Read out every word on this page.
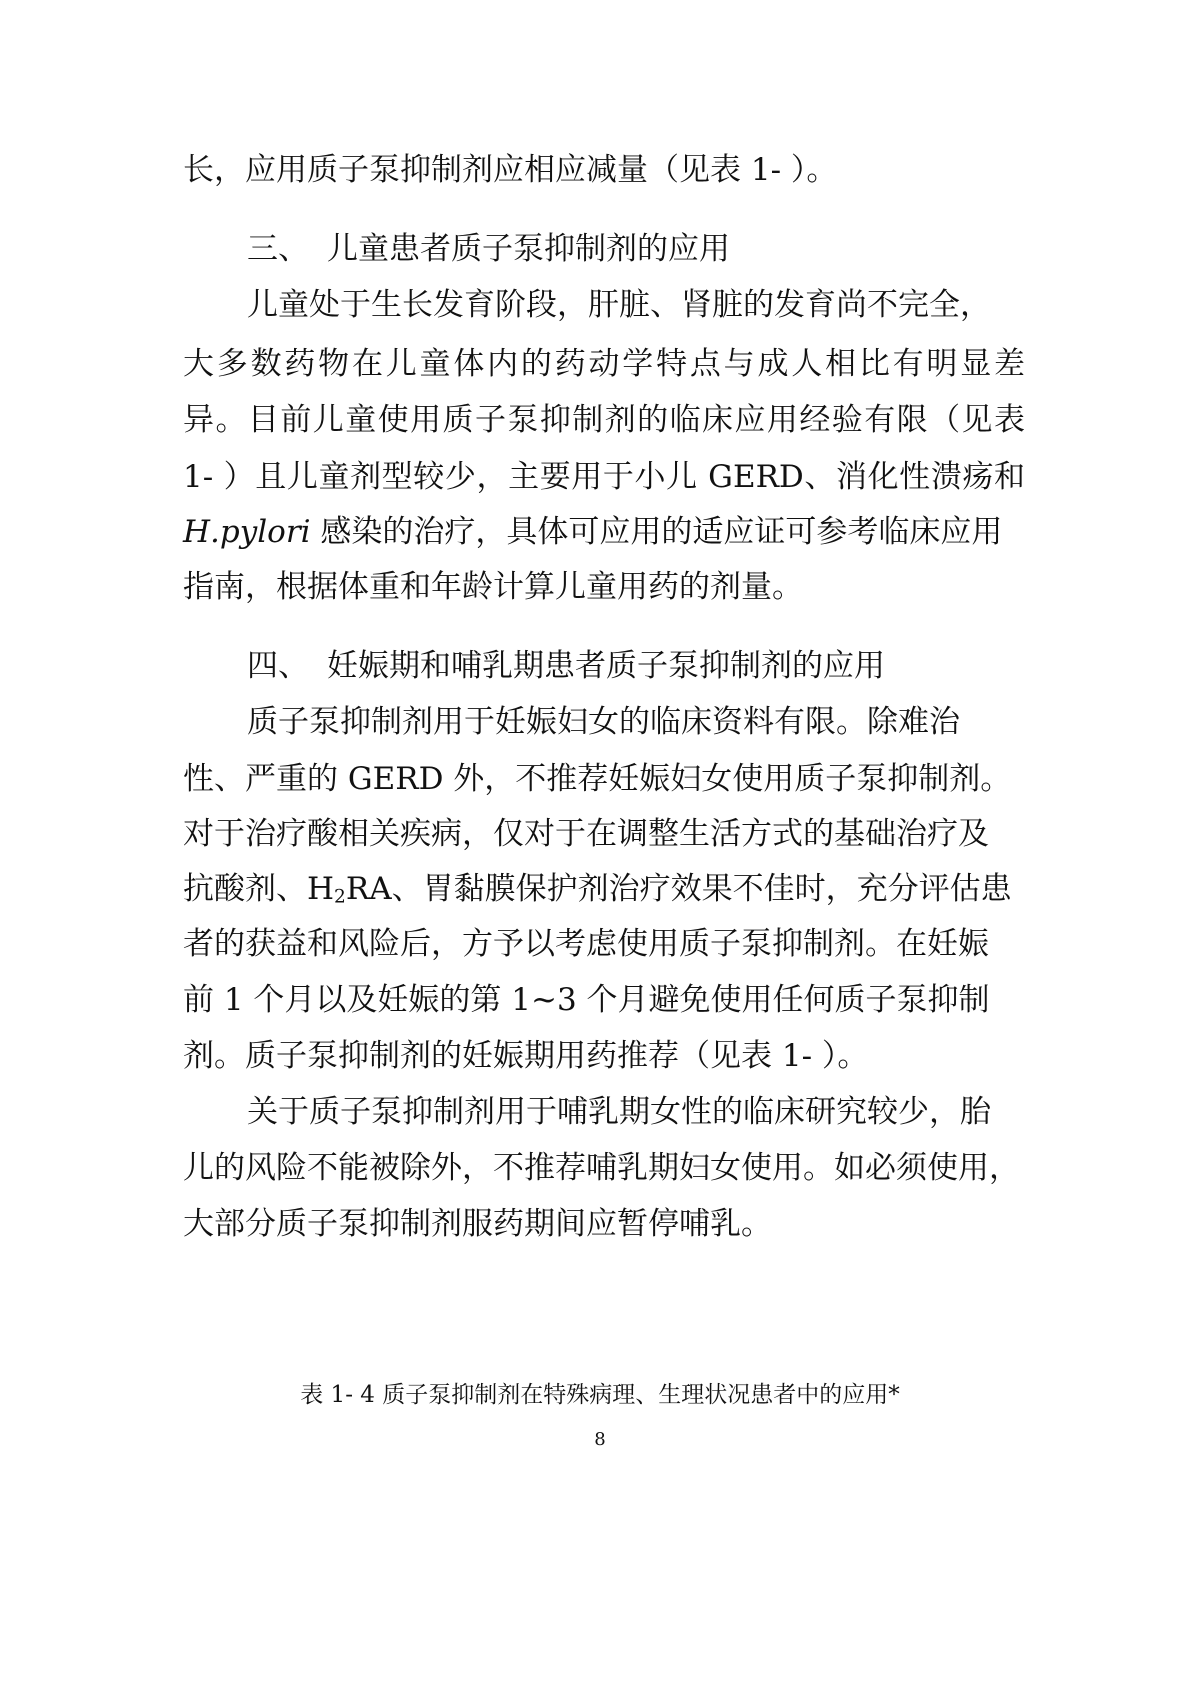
长，应用质子泵抑制剂应相应减量（见表 1- ）。
三、 儿童患者质子泵抑制剂的应用
儿童处于生长发育阶段，肝脏、肾脏的发育尚不完全，
大多数药物在儿童体内的药动学特点与成人相比有明显差
异。目前儿童使用质子泵抑制剂的临床应用经验有限（见表
1- ）且儿童剂型较少，主要用于小儿 GERD、消化性溃疡和
H.pylori 感染的治疗，具体可应用的适应证可参考临床应用
指南，根据体重和年龄计算儿童用药的剂量。
四、 妊娠期和哺乳期患者质子泵抑制剂的应用
质子泵抑制剂用于妊娠妇女的临床资料有限。除难治
性、严重的 GERD 外，不推荐妊娠妇女使用质子泵抑制剂。
对于治疗酸相关疾病，仅对于在调整生活方式的基础治疗及
抗酸剂、$H_2RA$、胃黏膜保护剂治疗效果不佳时，充分评估患
者的获益和风险后，方予以考虑使用质子泵抑制剂。在妊娠
前 1 个月以及妊娠的第 1~3 个月避免使用任何质子泵抑制
剂。质子泵抑制剂的妊娠期用药推荐（见表 1- ）。
关于质子泵抑制剂用于哺乳期女性的临床研究较少，胎
儿的风险不能被除外，不推荐哺乳期妇女使用。如必须使用，
大部分质子泵抑制剂服药期间应暂停哺乳。
表 1- 4 质子泵抑制剂在特殊病理、生理状况患者中的应用*
8
